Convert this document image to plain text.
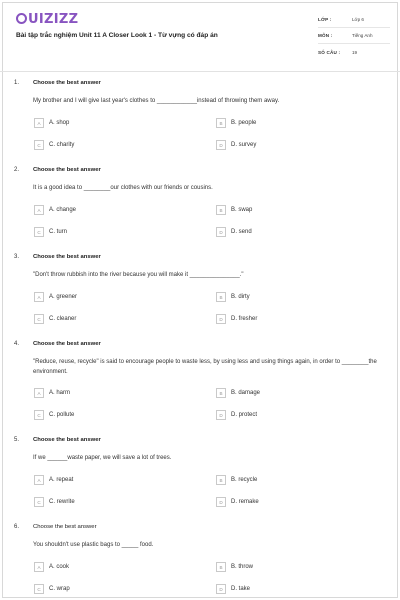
UIZIZZ
Bài tập trắc nghiệm Unit 11 A Closer Look 1 - Từ vựng có đáp án
LỚP :	Lớp 6
MÔN :	Tiếng Anh
SỐ CÂU :	19
1. Choose the best answer
My brother and I will give last year's clothes to ____________instead of throwing them away.
A	A. shop	B	B. people
C	C. charity	D	D. survey
2. Choose the best answer
It is a good idea to ________our clothes with our friends or cousins.
A	A. change	B	B. swap
C	C. turn	D	D. send
3. Choose the best answer
"Don't throw rubbish into the river because you will make it _______________."
A	A. greener	B	B. dirty
C	C. cleaner	D	D. fresher
4. Choose the best answer
"Reduce, reuse, recycle" is said to encourage people to waste less, by using less and using things again, in order to ________the environment.
A	A. harm	B	B. damage
C	C. pollute	D	D. protect
5. Choose the best answer
If we ______waste paper, we will save a lot of trees.
A	A. repeat	B	B. recycle
C	C. rewrite	D	D. remake
6. Choose the best answer
You shouldn't use plastic bags to _____ food.
A	A. cook	B	B. throw
C	C. wrap	D	D. take
